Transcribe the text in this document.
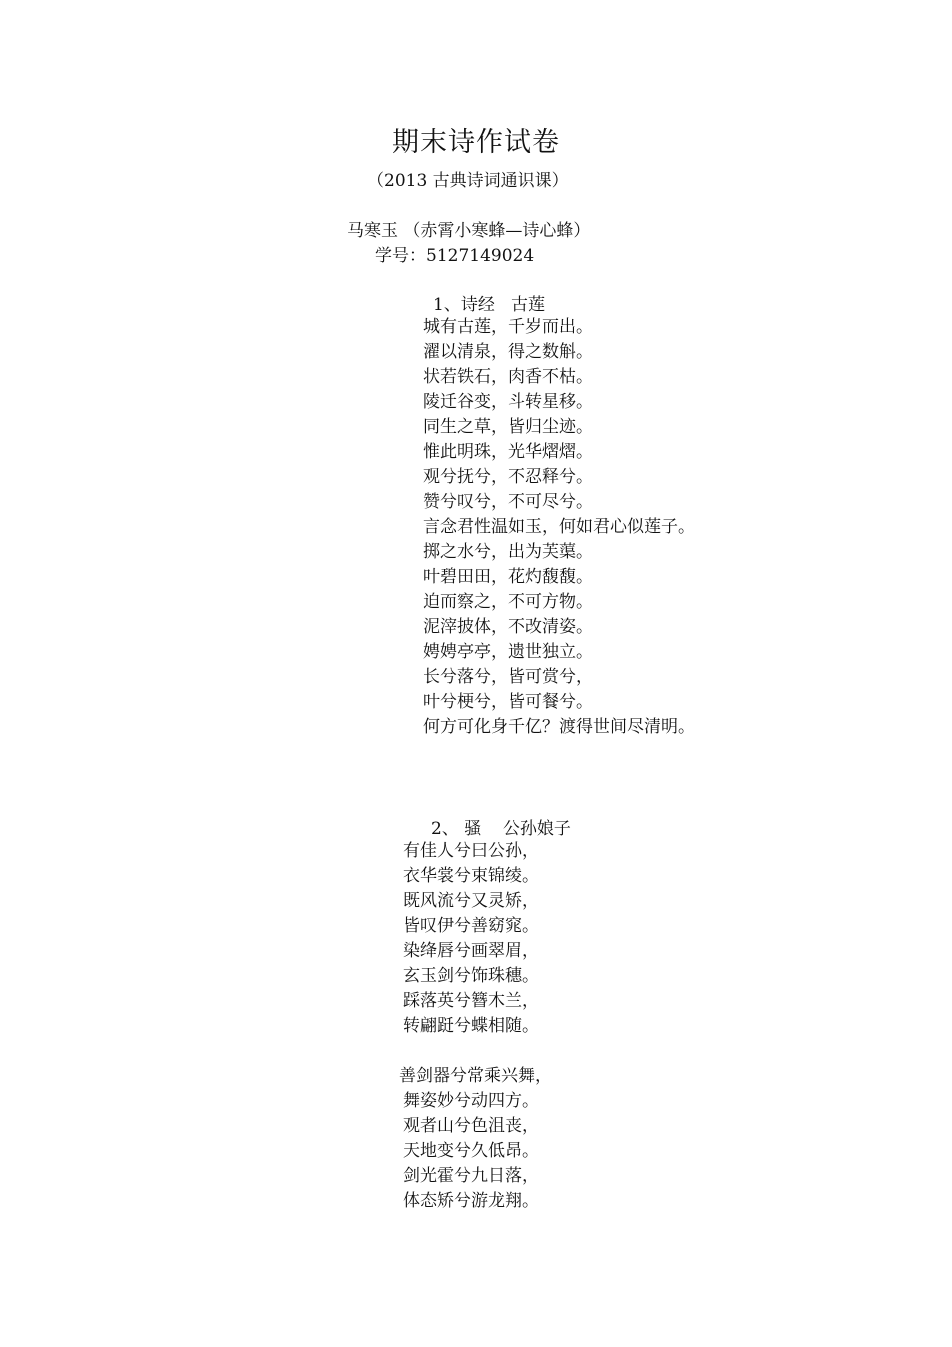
期末诗作试卷
（2013 古典诗词通识课）
马寒玉 （赤霄小寒蜂—诗心蜂）
学号：5127149024
1、诗经   古莲
城有古莲，千岁而出。
濯以清泉，得之数斛。
状若铁石，肉香不枯。
陵迁谷变，斗转星移。
同生之草，皆归尘迹。
惟此明珠，光华熠熠。
观兮抚兮，不忍释兮。
赞兮叹兮，不可尽兮。
言念君性温如玉，何如君心似莲子。
掷之水兮，出为芙蕖。
叶碧田田，花灼馥馥。
迫而察之，不可方物。
泥滓披体，不改清姿。
娉娉亭亭，遗世独立。
长兮落兮，皆可赏兮，
叶兮梗兮，皆可餐兮。
何方可化身千亿？渡得世间尽清明。
2、 骚    公孙娘子
有佳人兮曰公孙，
衣华裳兮束锦绫。
既风流兮又灵矫，
皆叹伊兮善窈窕。
染绛唇兮画翠眉，
玄玉剑兮饰珠穗。
踩落英兮簪木兰，
转翩跹兮蝶相随。
善剑器兮常乘兴舞，
舞姿妙兮动四方。
观者山兮色沮丧，
天地变兮久低昂。
剑光霍兮九日落，
体态矫兮游龙翔。
